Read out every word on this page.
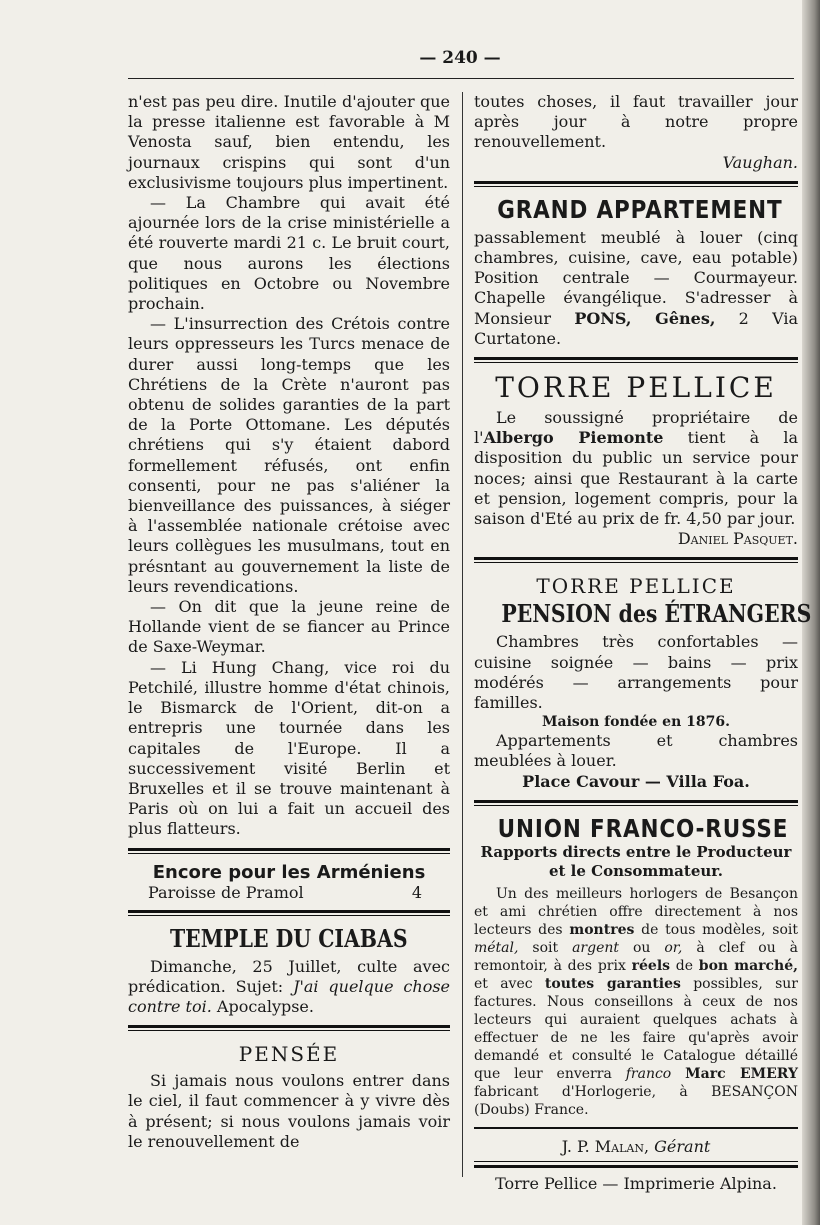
— 240 —

n'est pas peu dire. Inutile d'ajouter que la presse italienne est favorable à M Venosta sauf, bien entendu, les journaux crispins qui sont d'un exclusivisme toujours plus impertinent.

— La Chambre qui avait été ajournée lors de la crise ministérielle a été rouverte mardi 21 c. Le bruit court, que nous aurons les élections politiques en Octobre ou Novembre prochain.

— L'insurrection des Crétois contre leurs oppresseurs les Turcs menace de durer aussi long-temps que les Chrétiens de la Crète n'auront pas obtenu de solides garanties de la part de la Porte Ottomane. Les députés chrétiens qui s'y étaient dabord formellement réfusés, ont enfin consenti, pour ne pas s'aliéner la bienveillance des puissances, à siéger à l'assemblée nationale crétoise avec leurs collègues les musulmans, tout en présntant au gouvernement la liste de leurs revendications.

— On dit que la jeune reine de Hollande vient de se fiancer au Prince de Saxe-Weymar.

— Li Hung Chang, vice roi du Petchilé, illustre homme d'état chinois, le Bismarck de l'Orient, dit-on a entrepris une tournée dans les capitales de l'Europe. Il a successivement visité Berlin et Bruxelles et il se trouve maintenant à Paris où on lui a fait un accueil des plus flatteurs.

Encore pour les Arméniens
Paroisse de Pramol	4
TEMPLE DU CIABAS

Dimanche, 25 Juillet, culte avec prédication. Sujet: J'ai quelque chose contre toi. Apocalypse.

PENSÉE

Si jamais nous voulons entrer dans le ciel, il faut commencer à y vivre dès à présent; si nous voulons jamais voir le renouvellement de

toutes choses, il faut travailler jour après jour à notre propre renouvellement.

Vaughan.

GRAND APPARTEMENT

passablement meublé à louer (cinq chambres, cuisine, cave, eau potable) Position centrale — Courmayeur. Chapelle évangélique. S'adresser à Monsieur PONS, Gênes, 2 Via Curtatone.

TORRE PELLICE

Le soussigné propriétaire de l'Albergo Piemonte tient à la disposition du public un service pour noces; ainsi que Restaurant à la carte et pension, logement compris, pour la saison d'Eté au prix de fr. 4,50 par jour.

Daniel Pasquet.

TORRE PELLICE
PENSION des ÉTRANGERS

Chambres très confortables — cuisine soignée — bains — prix modérés — arrangements pour familles.

Maison fondée en 1876.

Appartements et chambres meublées à louer.

Place Cavour — Villa Foa.

UNION FRANCO-RUSSE

Rapports directs entre le Producteur et le Consommateur.

Un des meilleurs horlogers de Besançon et ami chrétien offre directement à nos lecteurs des montres de tous modèles, soit métal, soit argent ou or, à clef ou à remontoir, à des prix réels de bon marché, et avec toutes garanties possibles, sur factures. Nous conseillons à ceux de nos lecteurs qui auraient quelques achats à effectuer de ne les faire qu'après avoir demandé et consulté le Catalogue détaillé que leur enverra franco Marc EMERY fabricant d'Horlogerie, à BESANÇON (Doubs) France.

J. P. Malan, Gérant

Torre Pellice — Imprimerie Alpina.
